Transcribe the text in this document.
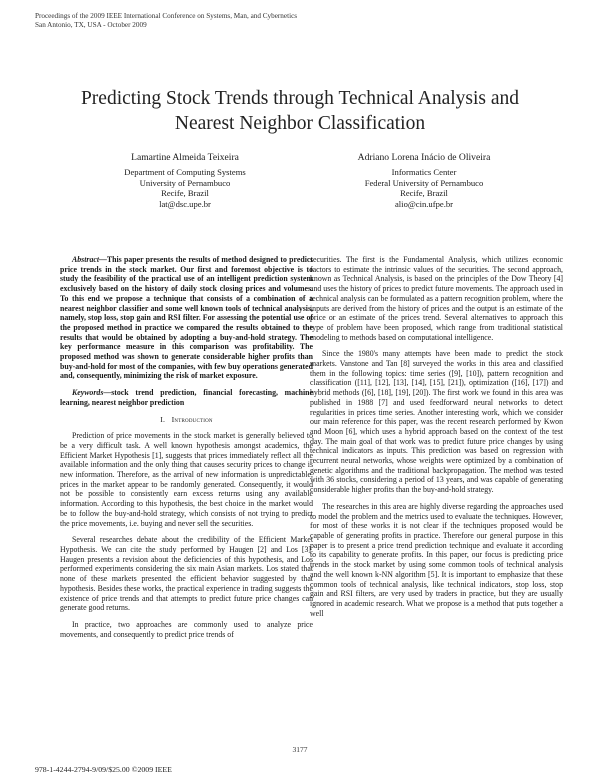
Proceedings of the 2009 IEEE International Conference on Systems, Man, and Cybernetics
San Antonio, TX, USA - October 2009
Predicting Stock Trends through Technical Analysis and Nearest Neighbor Classification
Lamartine Almeida Teixeira
Department of Computing Systems
University of Pernambuco
Recife, Brazil
lat@dsc.upe.br
Adriano Lorena Inácio de Oliveira
Informatics Center
Federal University of Pernambuco
Recife, Brazil
alio@cin.ufpe.br

Abstract—This paper presents the results of method designed to predict price trends in the stock market. Our first and foremost objective is to study the feasibility of the practical use of an intelligent prediction system exclusively based on the history of daily stock closing prices and volumes. To this end we propose a technique that consists of a combination of a nearest neighbor classifier and some well known tools of technical analysis, namely, stop loss, stop gain and RSI filter. For assessing the potential use of the proposed method in practice we compared the results obtained to the results that would be obtained by adopting a buy-and-hold strategy. The key performance measure in this comparison was profitability. The proposed method was shown to generate considerable higher profits than buy-and-hold for most of the companies, with few buy operations generated and, consequently, minimizing the risk of market exposure.

Keywords—stock trend prediction, financial forecasting, machine learning, nearest neighbor prediction

I. Introduction

Prediction of price movements in the stock market is generally believed to be a very difficult task. A well known hypothesis amongst academics, the Efficient Market Hypothesis [1], suggests that prices immediately reflect all the available information and the only thing that causes security prices to change is new information. Therefore, as the arrival of new information is unpredictable, prices in the market appear to be randomly generated. Consequently, it would not be possible to consistently earn excess returns using any available information. According to this hypothesis, the best choice in the market would be to follow the buy-and-hold strategy, which consists of not trying to predict the price movements, i.e. buying and never sell the securities.

Several researches debate about the credibility of the Efficient Market Hypothesis. We can cite the study performed by Haugen [2] and Los [3]. Haugen presents a revision about the deficiencies of this hypothesis, and Los performed experiments considering the six main Asian markets. Los stated that none of these markets presented the efficient behavior suggested by that hypothesis. Besides these works, the practical experience in trading suggests the existence of price trends and that attempts to predict future price changes can generate good returns.

In practice, two approaches are commonly used to analyze price movements, and consequently to predict price trends of

securities. The first is the Fundamental Analysis, which utilizes economic factors to estimate the intrinsic values of the securities. The second approach, known as Technical Analysis, is based on the principles of the Dow Theory [4] and uses the history of prices to predict future movements. The approach used in technical analysis can be formulated as a pattern recognition problem, where the inputs are derived from the history of prices and the output is an estimate of the price or an estimate of the prices trend. Several alternatives to approach this type of problem have been proposed, which range from traditional statistical modeling to methods based on computational intelligence.

Since the 1980's many attempts have been made to predict the stock markets. Vanstone and Tan [8] surveyed the works in this area and classified them in the following topics: time series ([9], [10]), pattern recognition and classification ([11], [12], [13], [14], [15], [21]), optimization ([16], [17]) and hybrid methods ([6], [18], [19], [20]). The first work we found in this area was published in 1988 [7] and used feedforward neural networks to detect regularities in prices time series. Another interesting work, which we consider our main reference for this paper, was the recent research performed by Kwon and Moon [6], which uses a hybrid approach based on the context of the test day. The main goal of that work was to predict future price changes by using technical indicators as inputs. This prediction was based on regression with recurrent neural networks, whose weights were optimized by a combination of genetic algorithms and the traditional backpropagation. The method was tested with 36 stocks, considering a period of 13 years, and was capable of generating considerable higher profits than the buy-and-hold strategy.

The researches in this area are highly diverse regarding the approaches used to model the problem and the metrics used to evaluate the techniques. However, for most of these works it is not clear if the techniques proposed would be capable of generating profits in practice. Therefore our general purpose in this paper is to present a price trend prediction technique and evaluate it according to its capability to generate profits. In this paper, our focus is predicting price trends in the stock market by using some common tools of technical analysis and the well known k-NN algorithm [5]. It is important to emphasize that these common tools of technical analysis, like technical indicators, stop loss, stop gain and RSI filters, are very used by traders in practice, but they are usually ignored in academic research. What we propose is a method that puts together a well

3177
978-1-4244-2794-9/09/$25.00 ©2009 IEEE
